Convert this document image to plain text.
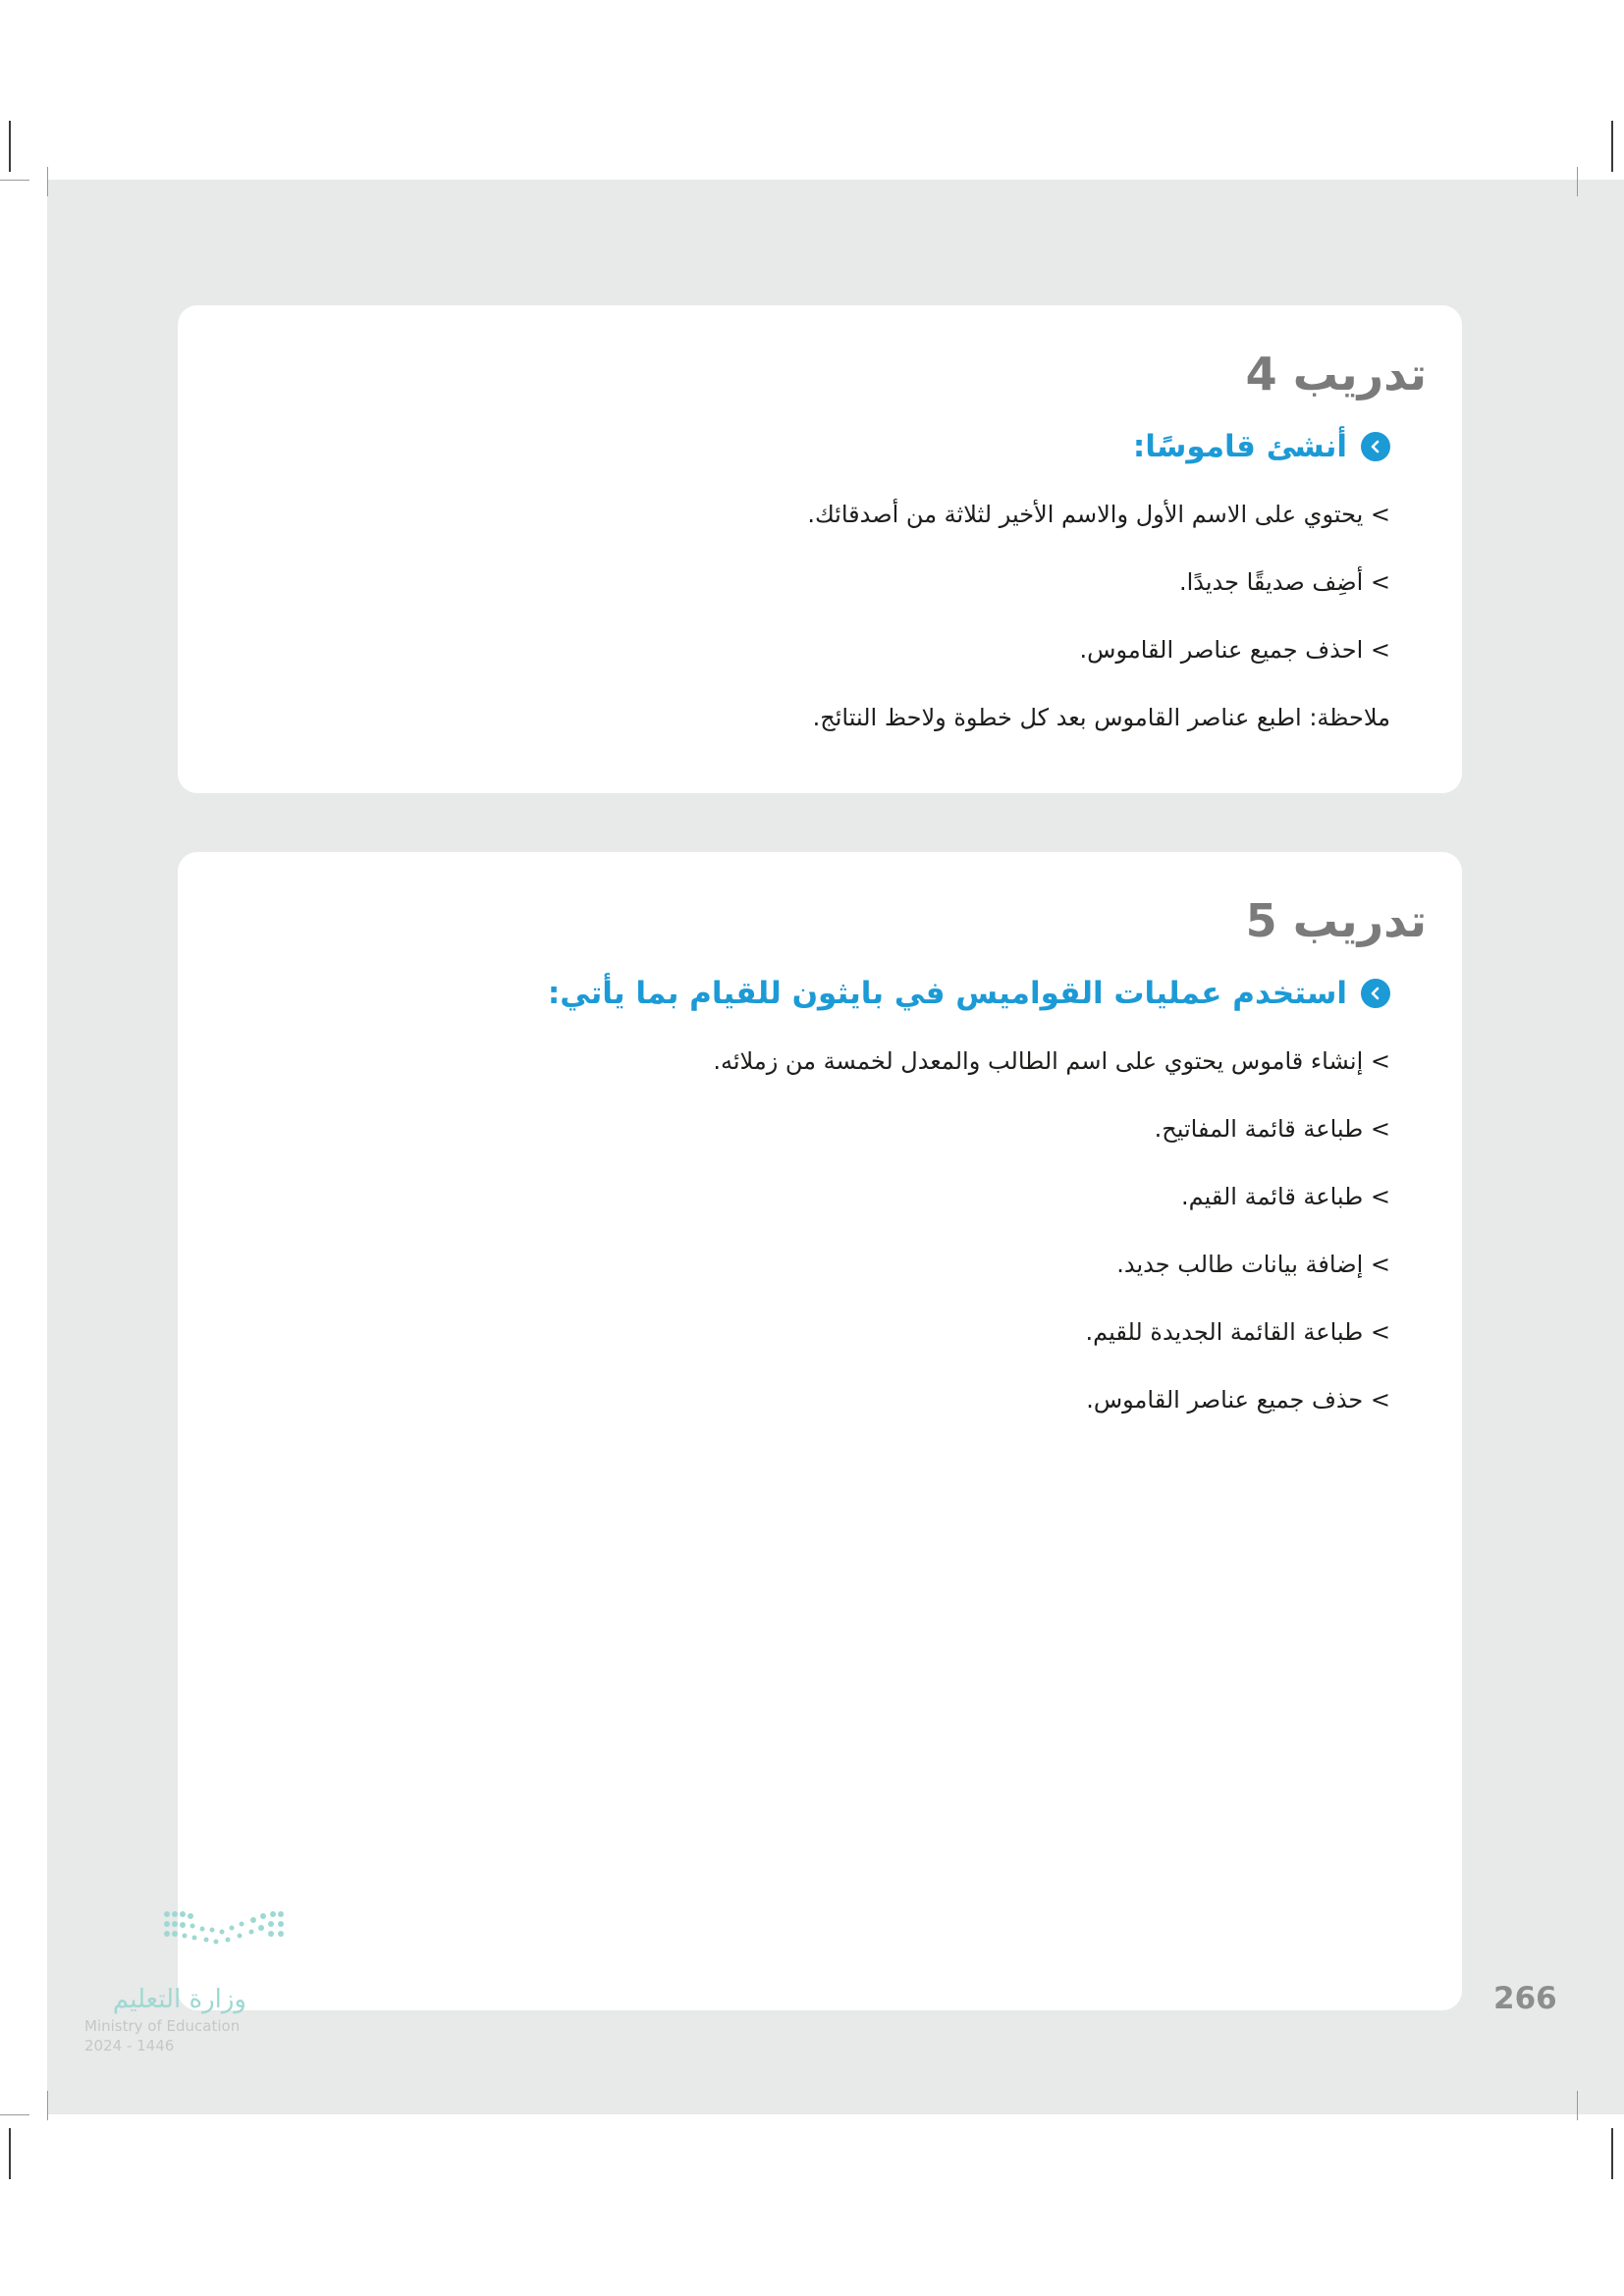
تدريب 4

أنشئ قاموسًا:

> يحتوي على الاسم الأول والاسم الأخير لثلاثة من أصدقائك.
> أضِف صديقًا جديدًا.
> احذف جميع عناصر القاموس.
ملاحظة: اطبع عناصر القاموس بعد كل خطوة ولاحظ النتائج.
تدريب 5

استخدم عمليات القواميس في بايثون للقيام بما يأتي:

> إنشاء قاموس يحتوي على اسم الطالب والمعدل لخمسة من زملائه.
> طباعة قائمة المفاتيح.
> طباعة قائمة القيم.
> إضافة بيانات طالب جديد.
> طباعة القائمة الجديدة للقيم.
> حذف جميع عناصر القاموس.
وزارة التعليم
Ministry of Education
2024 - 1446
266
